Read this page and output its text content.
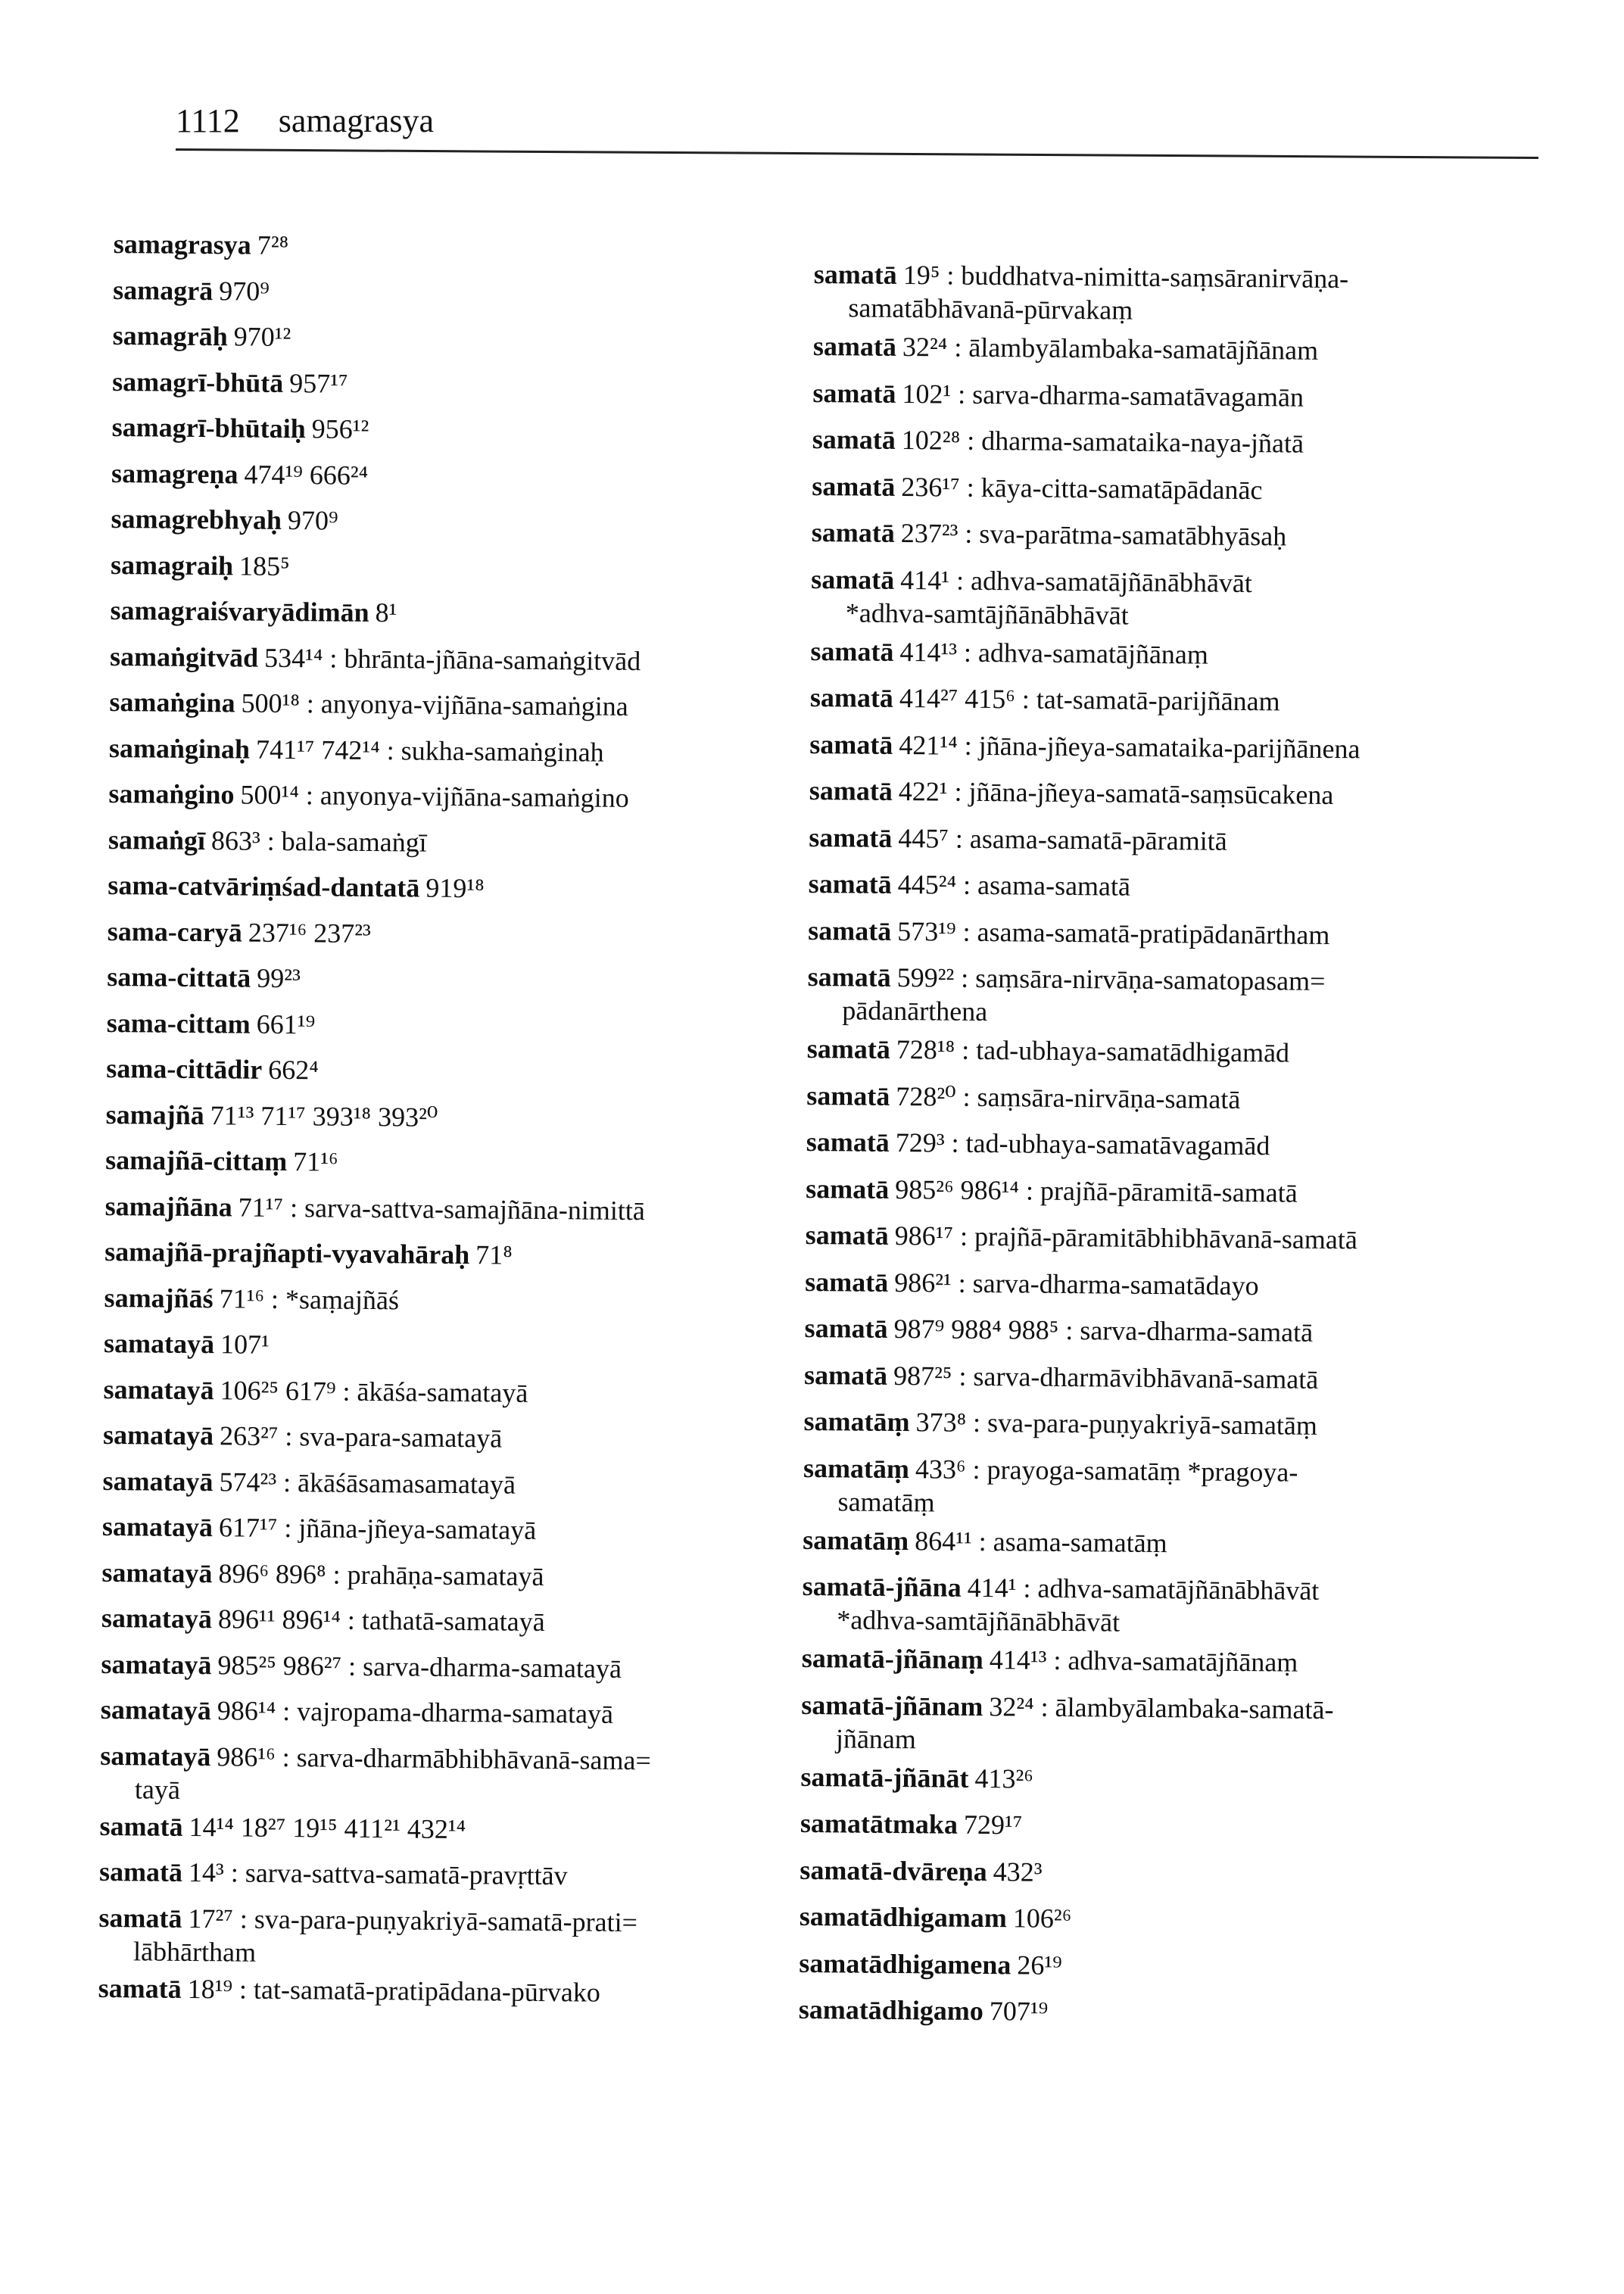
1112 samagrasya
samagrasya 7²⁸
samagrā 970⁹
samagrāḥ 970¹²
samagrī-bhūtā 957¹⁷
samagrī-bhūtaiḥ 956¹²
samagreṇa 474¹⁹ 666²⁴
samagrebhyaḥ 970⁹
samagraiḥ 185⁵
samagraiśvaryādimān 8¹
samaṅgitvād 534¹⁴ : bhrānta-jñāna-samaṅgitvād
samaṅgina 500¹⁸ : anyonya-vijñāna-samaṅgina
samaṅginaḥ 741¹⁷ 742¹⁴ : sukha-samaṅginaḥ
samaṅgino 500¹⁴ : anyonya-vijñāna-samaṅgino
samaṅgī 863³ : bala-samaṅgī
sama-catvāriṃśad-dantatā 919¹⁸
sama-caryā 237¹⁶ 237²³
sama-cittatā 99²³
sama-cittam 661¹⁹
sama-cittādir 662⁴
samajñā 71¹³ 71¹⁷ 393¹⁸ 393²⁰
samajñā-cittaṃ 71¹⁶
samajñāna 71¹⁷ : sarva-sattva-samajñāna-nimittā
samajñā-prajñapti-vyavahāraḥ 71⁸
samajñāś 71¹⁶ : *saṃajñāś
samatayā 107¹
samatayā 106²⁵ 617⁹ : ākāśa-samatayā
samatayā 263²⁷ : sva-para-samatayā
samatayā 574²³ : ākāśāsamasamatayā
samatayā 617¹⁷ : jñāna-jñeya-samatayā
samatayā 896⁶ 896⁸ : prahāṇa-samatayā
samatayā 896¹¹ 896¹⁴ : tathatā-samatayā
samatayā 985²⁵ 986²⁷ : sarva-dharma-samatayā
samatayā 986¹⁴ : vajropama-dharma-samatayā
samatayā 986¹⁶ : sarva-dharmābhibhāvanā-sama=
tayā
samatā 14¹⁴ 18²⁷ 19¹⁵ 411²¹ 432¹⁴
samatā 14³ : sarva-sattva-samatā-pravṛttāv
samatā 17²⁷ : sva-para-puṇyakriyā-samatā-prati=
lābhārtham
samatā 18¹⁹ : tat-samatā-pratipādana-pūrvako
samatā 19⁵ : buddhatva-nimitta-saṃsāranirvāṇa-
samatābhāvanā-pūrvakaṃ
samatā 32²⁴ : ālambyālambaka-samatājñānam
samatā 102¹ : sarva-dharma-samatāvagamān
samatā 102²⁸ : dharma-samataika-naya-jñatā
samatā 236¹⁷ : kāya-citta-samatāpādanāc
samatā 237²³ : sva-parātma-samatābhyāsaḥ
samatā 414¹ : adhva-samatājñānābhāvāt
*adhva-samtājñānābhāvāt
samatā 414¹³ : adhva-samatājñānaṃ
samatā 414²⁷ 415⁶ : tat-samatā-parijñānam
samatā 421¹⁴ : jñāna-jñeya-samataika-parijñānena
samatā 422¹ : jñāna-jñeya-samatā-saṃsūcakena
samatā 445⁷ : asama-samatā-pāramitā
samatā 445²⁴ : asama-samatā
samatā 573¹⁹ : asama-samatā-pratipādanārtham
samatā 599²² : saṃsāra-nirvāṇa-samatopasam=
pādanārthena
samatā 728¹⁸ : tad-ubhaya-samatādhigamād
samatā 728²⁰ : saṃsāra-nirvāṇa-samatā
samatā 729³ : tad-ubhaya-samatāvagamād
samatā 985²⁶ 986¹⁴ : prajñā-pāramitā-samatā
samatā 986¹⁷ : prajñā-pāramitābhibhāvanā-samatā
samatā 986²¹ : sarva-dharma-samatādayo
samatā 987⁹ 988⁴ 988⁵ : sarva-dharma-samatā
samatā 987²⁵ : sarva-dharmāvibhāvanā-samatā
samatāṃ 373⁸ : sva-para-puṇyakriyā-samatāṃ
samatāṃ 433⁶ : prayoga-samatāṃ *pragoya-
samatāṃ
samatāṃ 864¹¹ : asama-samatāṃ
samatā-jñāna 414¹ : adhva-samatājñānābhāvāt
*adhva-samtājñānābhāvāt
samatā-jñānaṃ 414¹³ : adhva-samatājñānaṃ
samatā-jñānam 32²⁴ : ālambyālambaka-samatā-
jñānam
samatā-jñānāt 413²⁶
samatātmaka 729¹⁷
samatā-dvāreṇa 432³
samatādhigamam 106²⁶
samatādhigamena 26¹⁹
samatādhigamo 707¹⁹
